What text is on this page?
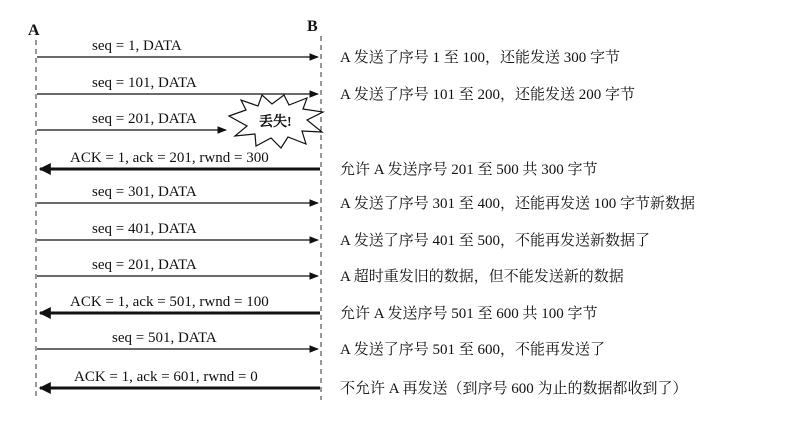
A	B
seq = 1, DATA
A 发送了序号 1 至 100，还能发送 300 字节
seq = 101, DATA
A 发送了序号 101 至 200，还能发送 200 字节
seq = 201, DATA
ACK = 1, ack = 201, rwnd = 300
允许 A 发送序号 201 至 500 共 300 字节
seq = 301, DATA
A 发送了序号 301 至 400，还能再发送 100 字节新数据
seq = 401, DATA
A 发送了序号 401 至 500，不能再发送新数据了
seq = 201, DATA
A 超时重发旧的数据，但不能发送新的数据
ACK = 1, ack = 501, rwnd = 100
允许 A 发送序号 501 至 600 共 100 字节
seq = 501, DATA
A 发送了序号 501 至 600，不能再发送了
ACK = 1, ack = 601, rwnd = 0
不允许 A 再发送（到序号 600 为止的数据都收到了）
丢失!
